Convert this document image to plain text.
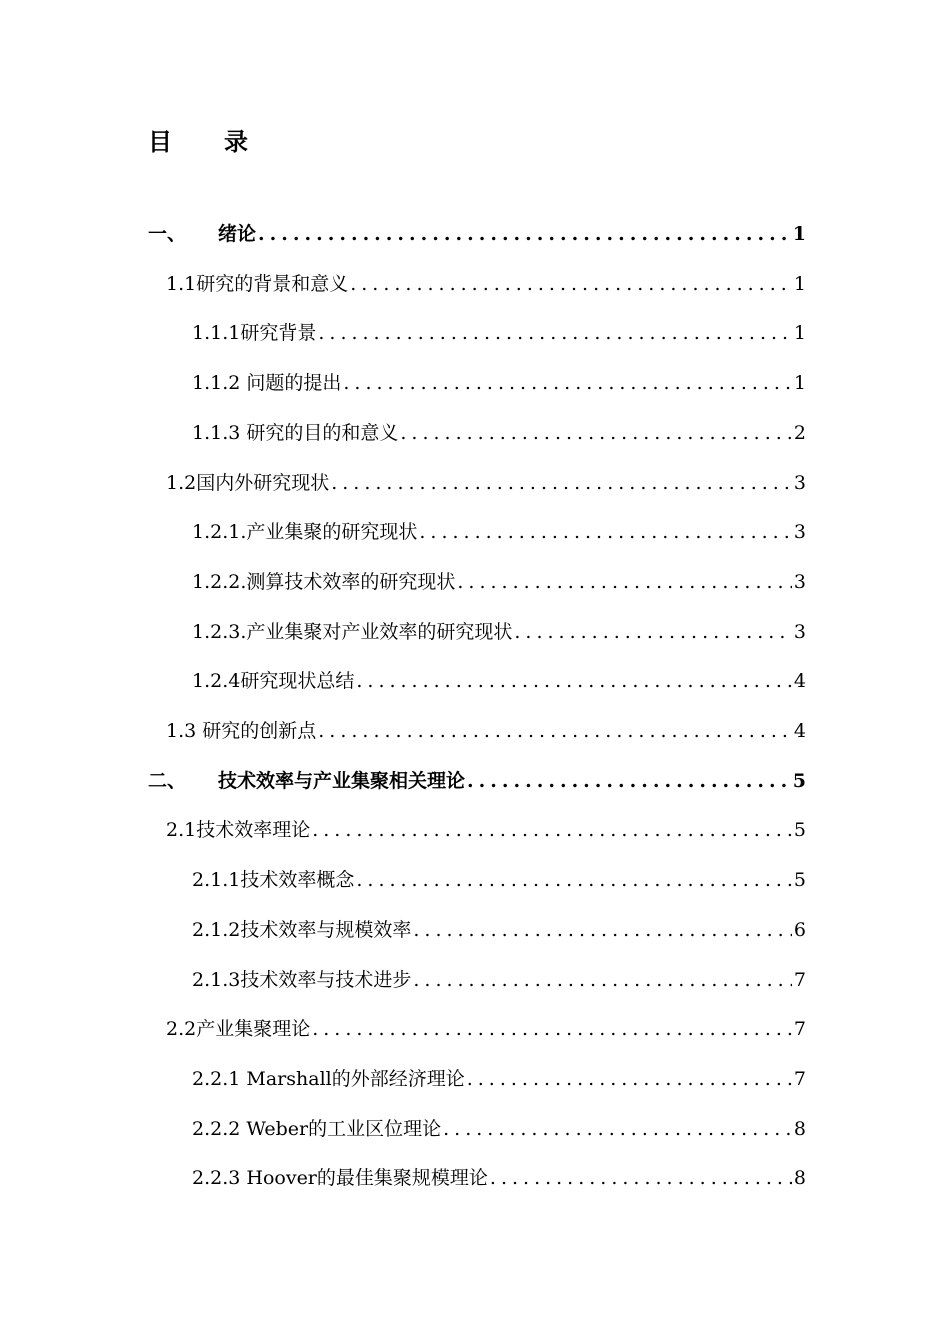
目录
一、	绪论 .....	1
1.1研究的背景和意义 .....	1
1.1.1研究背景 .....	1
1.1.2 问题的提出 .....	1
1.1.3 研究的目的和意义 .....	2
1.2国内外研究现状 .....	3
1.2.1.产业集聚的研究现状 .....	3
1.2.2.测算技术效率的研究现状 .....	3
1.2.3.产业集聚对产业效率的研究现状 .....	3
1.2.4研究现状总结 .....	4
1.3 研究的创新点 .....	4
二、	技术效率与产业集聚相关理论 .....	5
2.1技术效率理论 .....	5
2.1.1技术效率概念 .....	5
2.1.2技术效率与规模效率 .....	6
2.1.3技术效率与技术进步 .....	7
2.2产业集聚理论 .....	7
2.2.1 Marshall的外部经济理论 .....	7
2.2.2 Weber的工业区位理论 .....	8
2.2.3 Hoover的最佳集聚规模理论 .....	8
